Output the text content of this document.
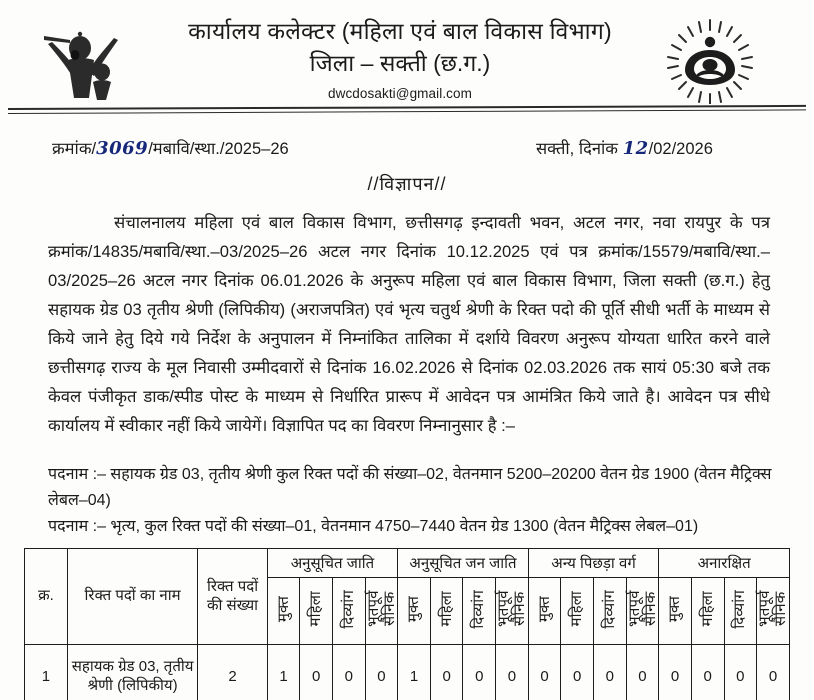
कार्यालय कलेक्टर (महिला एवं बाल विकास विभाग)
जिला – सक्ती (छ.ग.)
dwcdosakti@gmail.com
क्रमांक/3069/मबावि/स्था./2025–26	सक्ती, दिनांक 12/02/2026
//विज्ञापन//

संचालनालय महिला एवं बाल विकास विभाग, छत्तीसगढ़ इन्दावती भवन, अटल नगर, नवा रायपुर के पत्र क्रमांक/14835/मबावि/स्था.–03/2025–26 अटल नगर दिनांक 10.12.2025 एवं पत्र क्रमांक/15579/मबावि/स्था.–03/2025–26 अटल नगर दिनांक 06.01.2026 के अनुरूप महिला एवं बाल विकास विभाग, जिला सक्ती (छ.ग.) हेतु सहायक ग्रेड 03 तृतीय श्रेणी (लिपिकीय) (अराजपत्रित) एवं भृत्य चतुर्थ श्रेणी के रिक्त पदो की पूर्ति सीधी भर्ती के माध्यम से किये जाने हेतु दिये गये निर्देश के अनुपालन में निम्नांकित तालिका में दर्शाये विवरण अनुरूप योग्यता धारित करने वाले छत्तीसगढ़ राज्य के मूल निवासी उम्मीदवारों से दिनांक 16.02.2026 से दिनांक 02.03.2026 तक सायं 05:30 बजे तक केवल पंजीकृत डाक/स्पीड पोस्ट के माध्यम से निर्धारित प्रारूप में आवेदन पत्र आमंत्रित किये जाते है। आवेदन पत्र सीधे कार्यालय में स्वीकार नहीं किये जायेगें। विज्ञापित पद का विवरण निम्नानुसार है :–

पदनाम :– सहायक ग्रेड 03, तृतीय श्रेणी कुल रिक्त पदों की संख्या–02, वेतनमान 5200–20200 वेतन ग्रेड 1900 (वेतन मैट्रिक्स लेबल–04)
पदनाम :– भृत्य, कुल रिक्त पदों की संख्या–01, वेतनमान 4750–7440 वेतन ग्रेड 1300 (वेतन मैट्रिक्स लेबल–01)
क्र.	रिक्त पदों का नाम	रिक्त पदों की संख्या	अनुसूचित जाति				अनुसूचित जन जाति				अन्य पिछड़ा वर्ग				अनारक्षित			
			मुक्त	महिला	दिव्यांग	भूतपूर्व सैनिक	मुक्त	महिला	दिव्यांग	भूतपूर्व सैनिक	मुक्त	महिला	दिव्यांग	भूतपूर्व सैनिक	मुक्त	महिला	दिव्यांग	भूतपूर्व सैनिक
1	सहायक ग्रेड 03, तृतीय श्रेणी (लिपिकीय)	2	1	0	0	0	1	0	0	0	0	0	0	0	0	0	0	0
